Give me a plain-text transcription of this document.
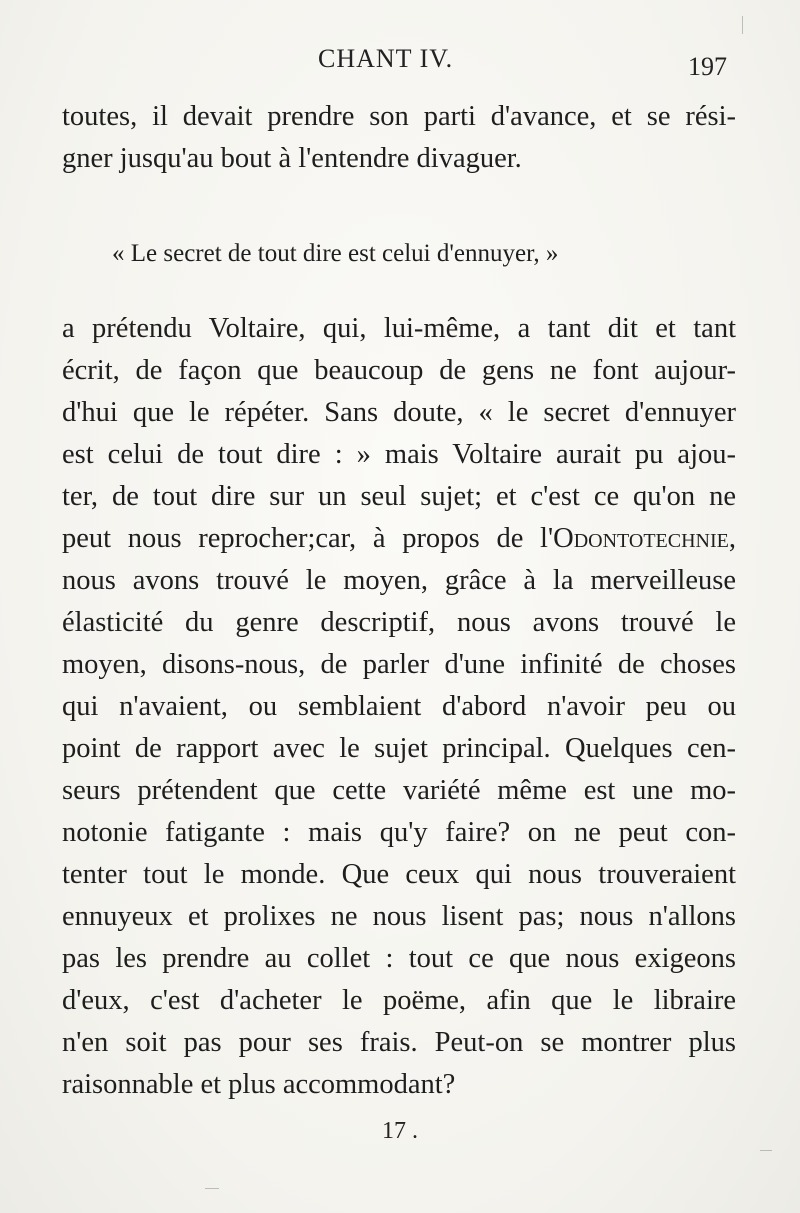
CHANT IV.	197
toutes, il devait prendre son parti d'avance, et se rési-
gner jusqu'au bout à l'entendre divaguer.
« Le secret de tout dire est celui d'ennuyer, »
a prétendu Voltaire, qui, lui-même, a tant dit et tant
écrit, de façon que beaucoup de gens ne font aujour-
d'hui que le répéter. Sans doute, « le secret d'ennuyer
est celui de tout dire : » mais Voltaire aurait pu ajou-
ter, de tout dire sur un seul sujet; et c'est ce qu'on ne
peut nous reprocher;car, à propos de l'Odontotechnie,
nous avons trouvé le moyen, grâce à la merveilleuse
élasticité du genre descriptif, nous avons trouvé le
moyen, disons-nous, de parler d'une infinité de choses
qui n'avaient, ou semblaient d'abord n'avoir peu ou
point de rapport avec le sujet principal. Quelques cen-
seurs prétendent que cette variété même est une mo-
notonie fatigante : mais qu'y faire? on ne peut con-
tenter tout le monde. Que ceux qui nous trouveraient
ennuyeux et prolixes ne nous lisent pas; nous n'allons
pas les prendre au collet : tout ce que nous exigeons
d'eux, c'est d'acheter le poëme, afin que le libraire
n'en soit pas pour ses frais. Peut-on se montrer plus
raisonnable et plus accommodant?
17 .
